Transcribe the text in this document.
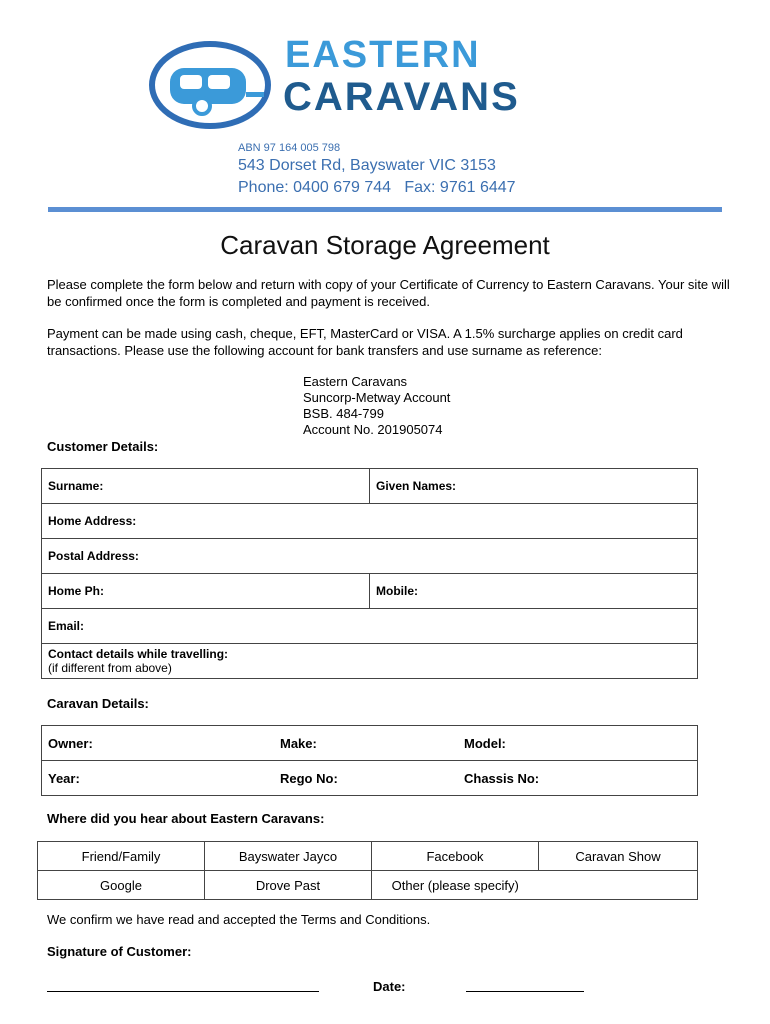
EASTERN
CARAVANS
ABN 97 164 005 798
543 Dorset Rd, Bayswater VIC 3153
Phone: 0400 679 744   Fax: 9761 6447
Caravan Storage Agreement
Please complete the form below and return with copy of your Certificate of Currency to Eastern Caravans. Your site will be confirmed once the form is completed and payment is received.
Payment can be made using cash, cheque, EFT, MasterCard or VISA. A 1.5% surcharge applies on credit card transactions. Please use the following account for bank transfers and use surname as reference:
Eastern Caravans
Suncorp-Metway Account
BSB. 484-799
Account No. 201905074
Customer Details:
Surname:	Given Names:
Home Address:	
Postal Address:	
Home Ph:	Mobile:
Email:	

Contact details while travelling:
(if different from above)	
Caravan Details:
Owner:	Make:	Model:
Year:	Rego No:	Chassis No:
Where did you hear about Eastern Caravans:
Friend/Family	Bayswater Jayco	Facebook	Caravan Show
Google	Drove Past	Other (please specify)	
We confirm we have read and accepted the Terms and Conditions.
Signature of Customer:
Date:
